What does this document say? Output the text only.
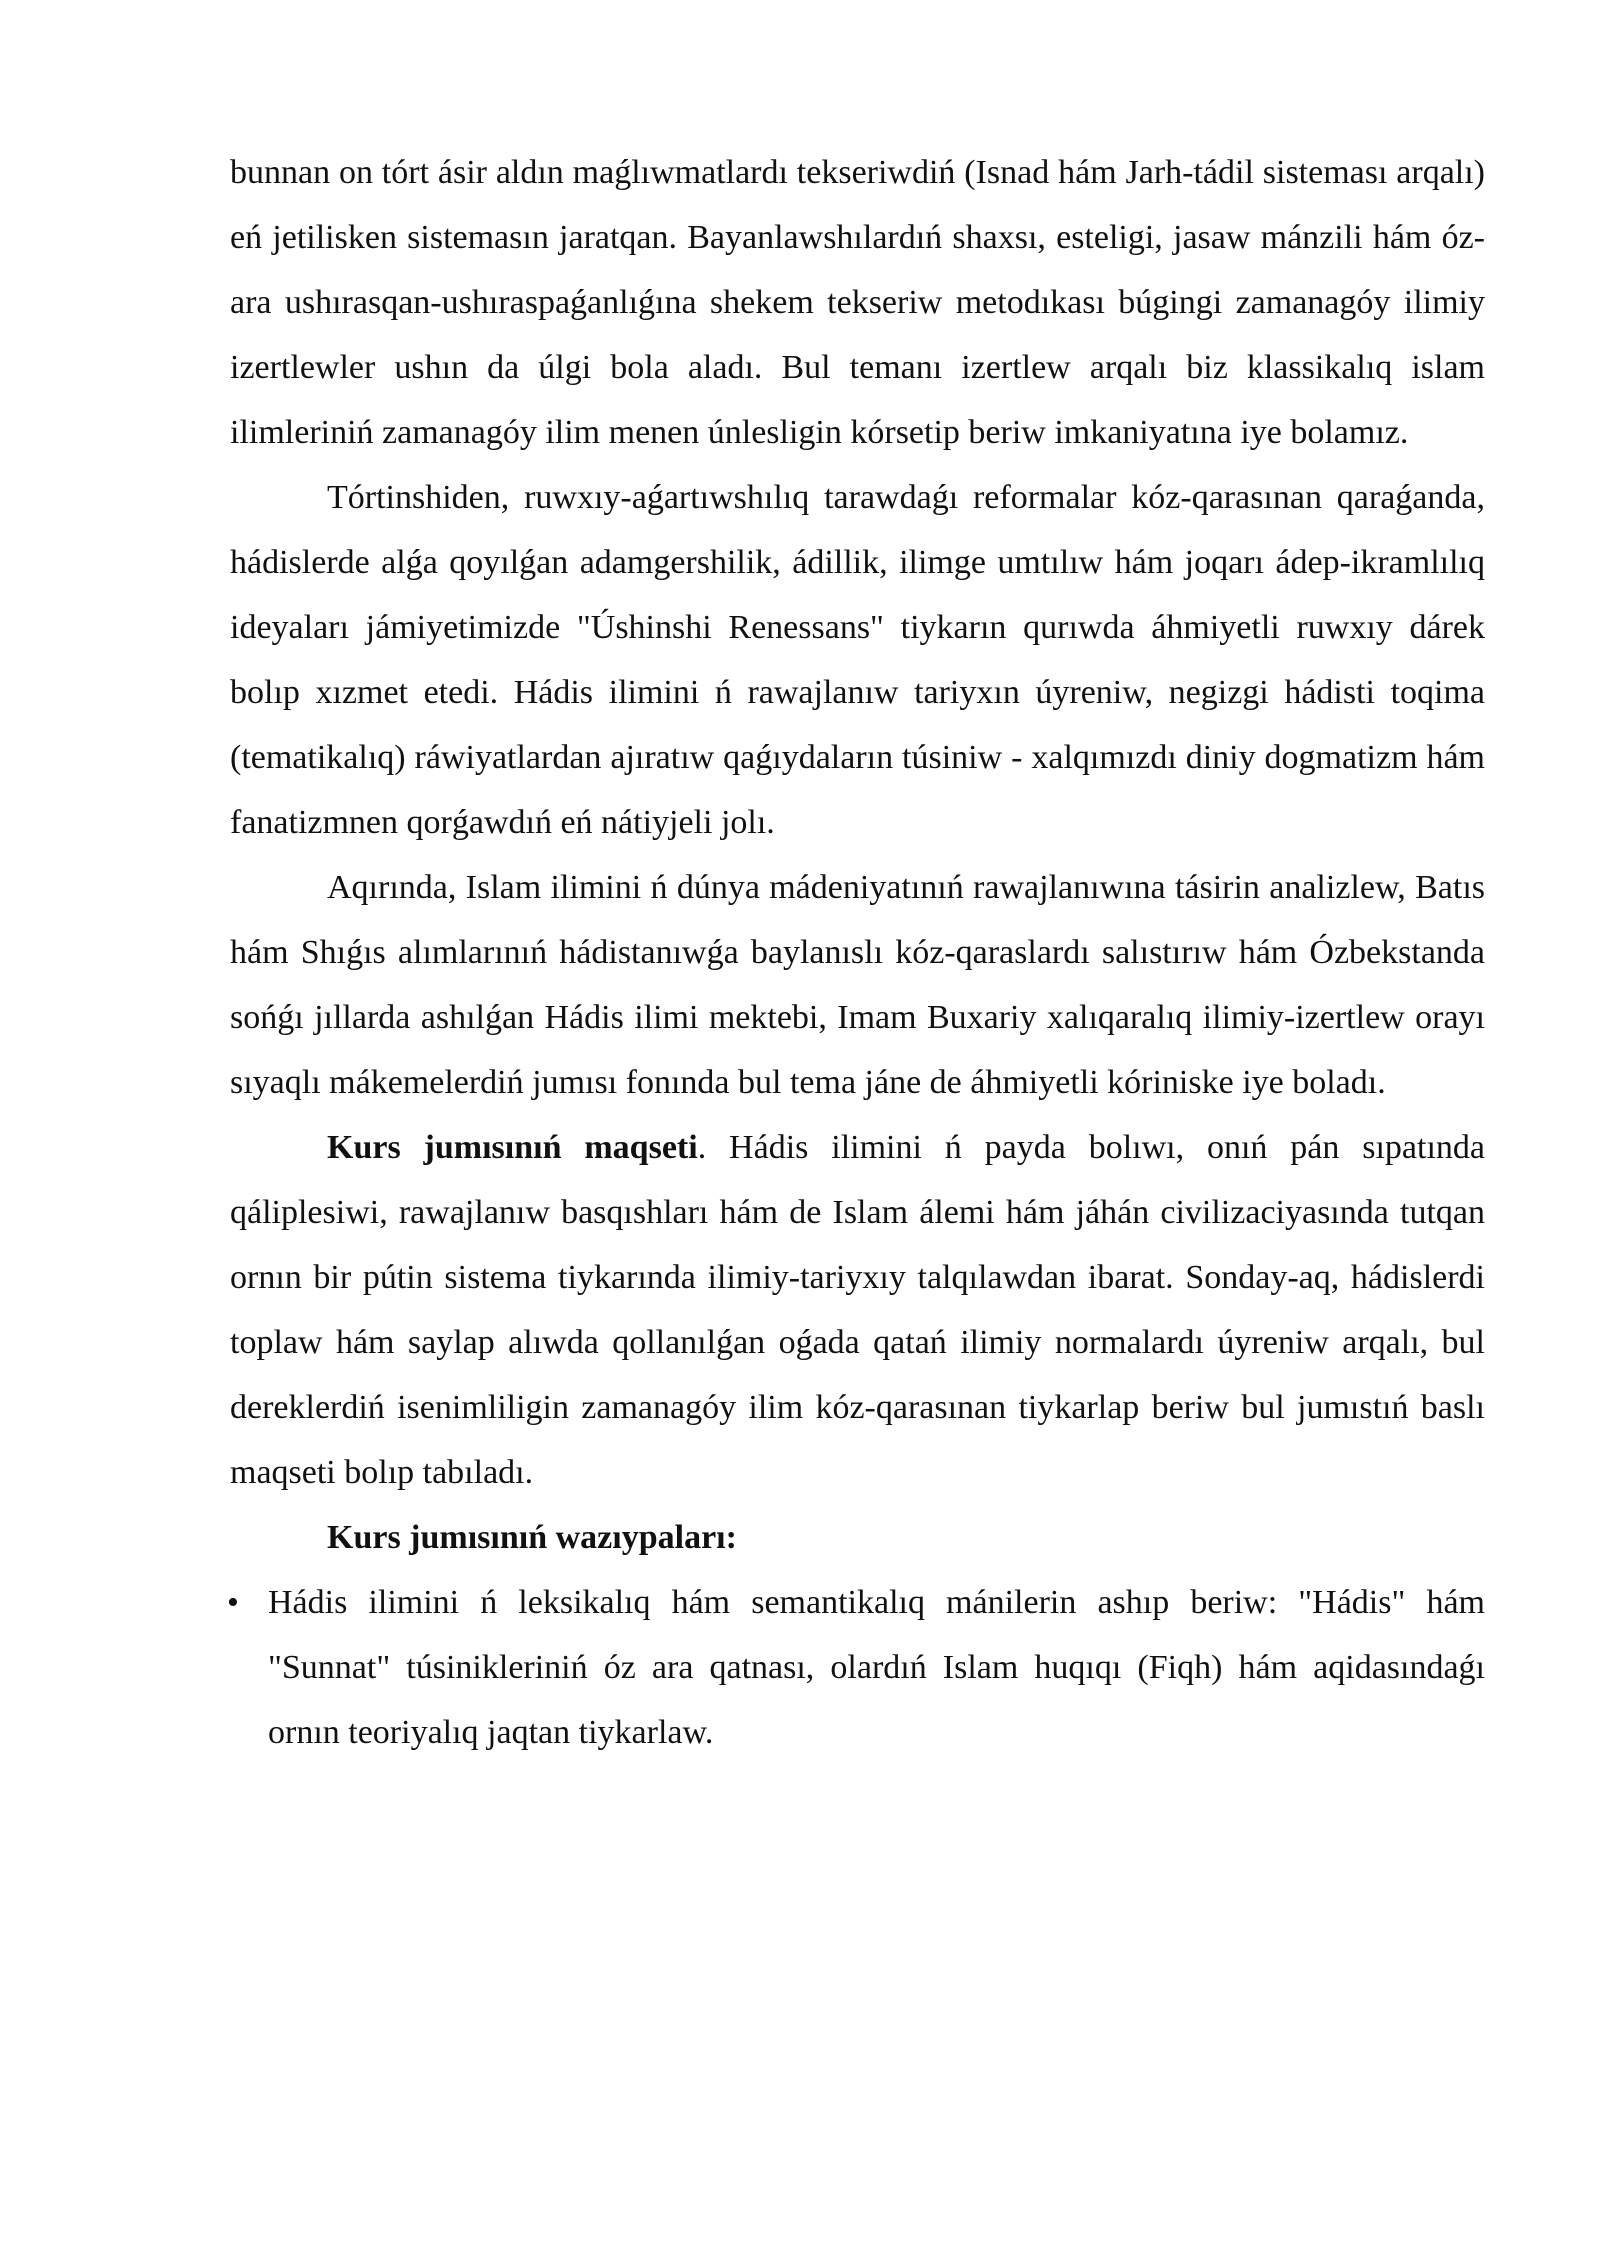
bunnan on tórt ásir aldın maǵlıwmatlardı tekseriwdiń (Isnad hám Jarh-tádil sisteması arqalı) eń jetilisken sistemasın jaratqan. Bayanlawshılardıń shaxsı, esteligi, jasaw mánzili hám óz-ara ushırasqan-ushıraspaǵanlıǵına shekem tekseriw metodıkası búgingi zamanagóy ilimiy izertlewler ushın da úlgi bola aladı. Bul temanı izertlew arqalı biz klassikalıq islam ilimleriniń zamanagóy ilim menen únlesligin kórsetip beriw imkaniyatına iye bolamız.

Tórtinshiden, ruwxıy-aǵartıwshılıq tarawdaǵı reformalar kóz-qarasınan qaraǵanda, hádislerde alǵa qoyılǵan adamgershilik, ádillik, ilimge umtılıw hám joqarı ádep-ikramlılıq ideyaları jámiyetimizde "Úshinshi Renessans" tiykarın qurıwda áhmiyetli ruwxıy dárek bolıp xızmet etedi. Hádis ilimini ń rawajlanıw tariyxın úyreniw, negizgi hádisti toqima (tematikalıq) ráwiyatlardan ajıratıw qaǵıydaların túsiniw - xalqımızdı diniy dogmatizm hám fanatizmnen qorǵawdıń eń nátiyjeli jolı.

Aqırında, Islam ilimini ń dúnya mádeniyatınıń rawajlanıwına tásirin analizlew, Batıs hám Shıǵıs alımlarınıń hádistanıwǵa baylanıslı kóz-qaraslardı salıstırıw hám Ózbekstanda sońǵı jıllarda ashılǵan Hádis ilimi mektebi, Imam Buxariy xalıqaralıq ilimiy-izertlew orayı sıyaqlı mákemelerdiń jumısı fonında bul tema jáne de áhmiyetli kóriniske iye boladı.

Kurs jumısınıń maqseti. Hádis ilimini ń payda bolıwı, onıń pán sıpatında qáliplesiwi, rawajlanıw basqıshları hám de Islam álemi hám jáhán civilizaciyasında tutqan ornın bir pútin sistema tiykarında ilimiy-tariyxıy talqılawdan ibarat. Sonday-aq, hádislerdi toplaw hám saylap alıwda qollanılǵan oǵada qatań ilimiy normalardı úyreniw arqalı, bul dereklerdiń isenimliligin zamanagóy ilim kóz-qarasınan tiykarlap beriw bul jumıstıń baslı maqseti bolıp tabıladı.

Kurs jumısınıń wazıypaları:

• Hádis ilimini ń leksikalıq hám semantikalıq mánilerin ashıp beriw: "Hádis" hám "Sunnat" túsinikleriniń óz ara qatnası, olardıń Islam huqıqı (Fiqh) hám aqidasındaǵı ornın teoriyalıq jaqtan tiykarlaw.
